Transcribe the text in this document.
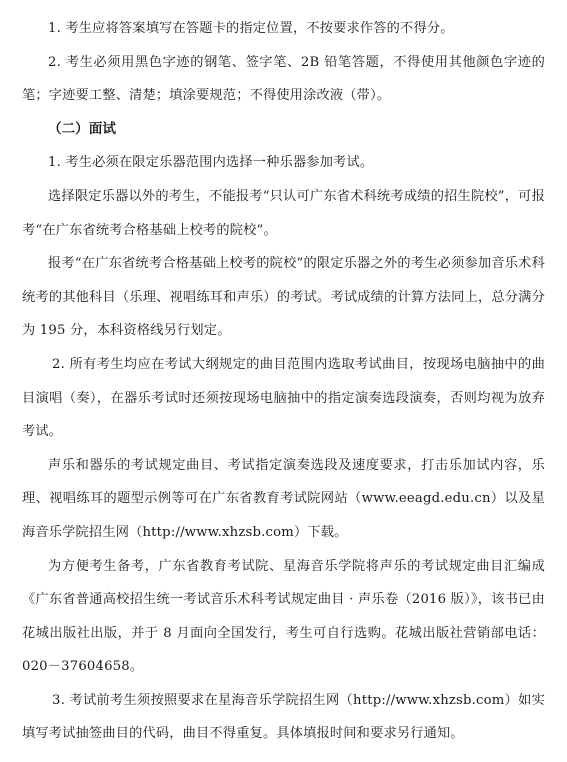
1. 考生应将答案填写在答题卡的指定位置，不按要求作答的不得分。

2. 考生必须用黑色字迹的钢笔、签字笔、2B 铅笔答题，不得使用其他颜色字迹的笔；字迹要工整、清楚；填涂要规范；不得使用涂改液（带）。

（二）面试

1. 考生必须在限定乐器范围内选择一种乐器参加考试。

选择限定乐器以外的考生，不能报考“只认可广东省术科统考成绩的招生院校”，可报考“在广东省统考合格基础上校考的院校”。

报考“在广东省统考合格基础上校考的院校”的限定乐器之外的考生必须参加音乐术科统考的其他科目（乐理、视唱练耳和声乐）的考试。考试成绩的计算方法同上，总分满分为 195 分，本科资格线另行划定。

2. 所有考生均应在考试大纲规定的曲目范围内选取考试曲目，按现场电脑抽中的曲目演唱（奏），在器乐考试时还须按现场电脑抽中的指定演奏选段演奏，否则均视为放弃考试。

声乐和器乐的考试规定曲目、考试指定演奏选段及速度要求，打击乐加试内容，乐理、视唱练耳的题型示例等可在广东省教育考试院网站（www.eeagd.edu.cn）以及星海音乐学院招生网（http://www.xhzsb.com）下载。

为方便考生备考，广东省教育考试院、星海音乐学院将声乐的考试规定曲目汇编成《广东省普通高校招生统一考试音乐术科考试规定曲目 · 声乐卷（2016 版）》，该书已由花城出版社出版，并于 8 月面向全国发行，考生可自行选购。花城出版社营销部电话：020－37604658。

3. 考试前考生须按照要求在星海音乐学院招生网（http://www.xhzsb.com）如实填写考试抽签曲目的代码，曲目不得重复。具体填报时间和要求另行通知。
